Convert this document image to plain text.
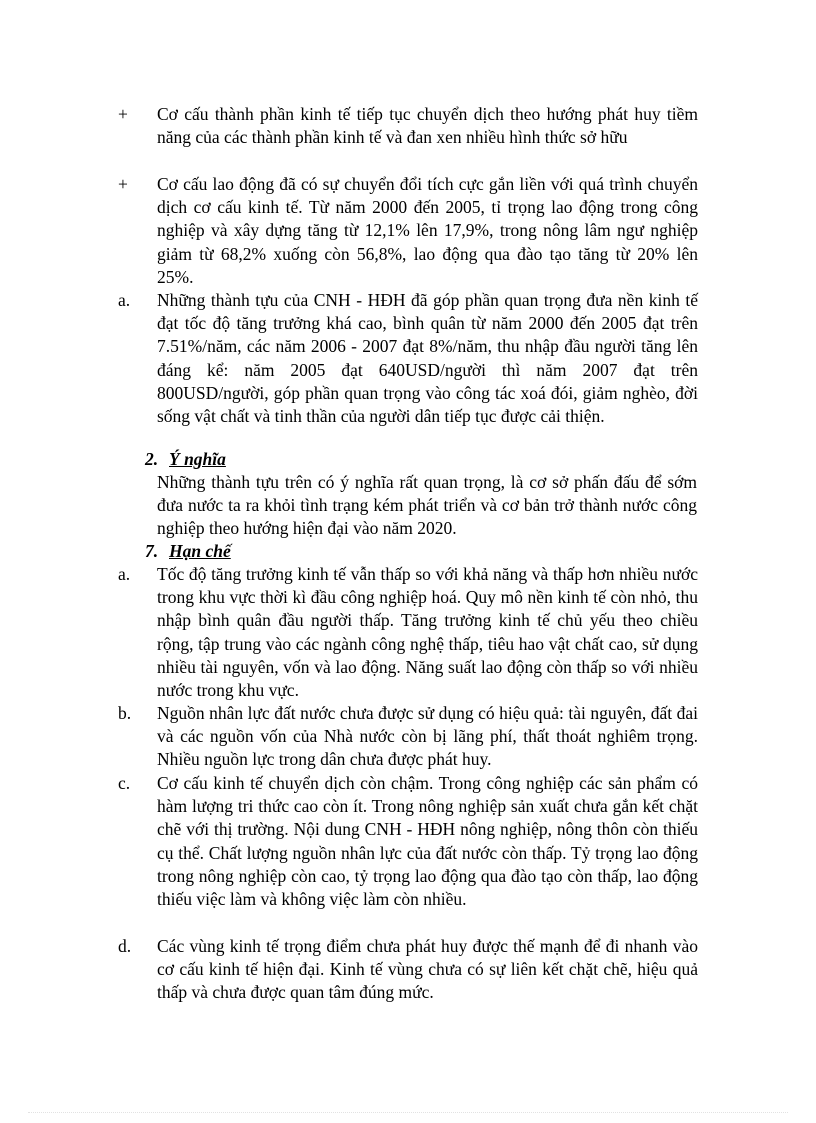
+	Cơ cấu thành phần kinh tế tiếp tục chuyển dịch theo hướng phát huy tiềm năng của các thành phần kinh tế và đan xen nhiều hình thức sở hữu
+	Cơ cấu lao động đã có sự chuyển đổi tích cực gắn liền với quá trình chuyển dịch cơ cấu kinh tế. Từ năm 2000 đến 2005, tỉ trọng lao động trong công nghiệp và xây dựng tăng từ 12,1% lên 17,9%, trong nông lâm ngư nghiệp giảm từ 68,2% xuống còn 56,8%, lao động qua đào tạo tăng từ 20% lên 25%.
a.	Những thành tựu của CNH - HĐH đã góp phần quan trọng đưa nền kinh tế đạt tốc độ tăng trưởng khá cao, bình quân từ năm 2000 đến 2005 đạt trên 7.51%/năm, các năm 2006 - 2007 đạt 8%/năm, thu nhập đầu người tăng lên đáng kể: năm 2005 đạt 640USD/người thì năm 2007 đạt trên 800USD/người, góp phần quan trọng vào công tác xoá đói, giảm nghèo, đời sống vật chất và tinh thần của người dân tiếp tục được cải thiện.
2. Ý nghĩa
Những thành tựu trên có ý nghĩa rất quan trọng, là cơ sở phấn đấu để sớm đưa nước ta ra khỏi tình trạng kém phát triển và cơ bản trở thành nước công nghiệp theo hướng hiện đại vào năm 2020.
7. Hạn chế
a.	Tốc độ tăng trưởng kinh tế vẫn thấp so với khả năng và thấp hơn nhiều nước trong khu vực thời kì đầu công nghiệp hoá. Quy mô nền kinh tế còn nhỏ, thu nhập bình quân đầu người thấp. Tăng trưởng kinh tế chủ yếu theo chiều rộng, tập trung vào các ngành công nghệ thấp, tiêu hao vật chất cao, sử dụng nhiều tài nguyên, vốn và lao động. Năng suất lao động còn thấp so với nhiều nước trong khu vực.
b.	Nguồn nhân lực đất nước chưa được sử dụng có hiệu quả: tài nguyên, đất đai và các nguồn vốn của Nhà nước còn bị lãng phí, thất thoát nghiêm trọng. Nhiều nguồn lực trong dân chưa được phát huy.
c.	Cơ cấu kinh tế chuyển dịch còn chậm. Trong công nghiệp các sản phẩm có hàm lượng tri thức cao còn ít. Trong nông nghiệp sản xuất chưa gắn kết chặt chẽ với thị trường. Nội dung CNH - HĐH nông nghiệp, nông thôn còn thiếu cụ thể. Chất lượng nguồn nhân lực của đất nước còn thấp. Tỷ trọng lao động trong nông nghiệp còn cao, tỷ trọng lao động qua đào tạo còn thấp, lao động thiếu việc làm và không việc làm còn nhiều.
d.	Các vùng kinh tế trọng điểm chưa phát huy được thế mạnh để đi nhanh vào cơ cấu kinh tế hiện đại. Kinh tế vùng chưa có sự liên kết chặt chẽ, hiệu quả thấp và chưa được quan tâm đúng mức.
